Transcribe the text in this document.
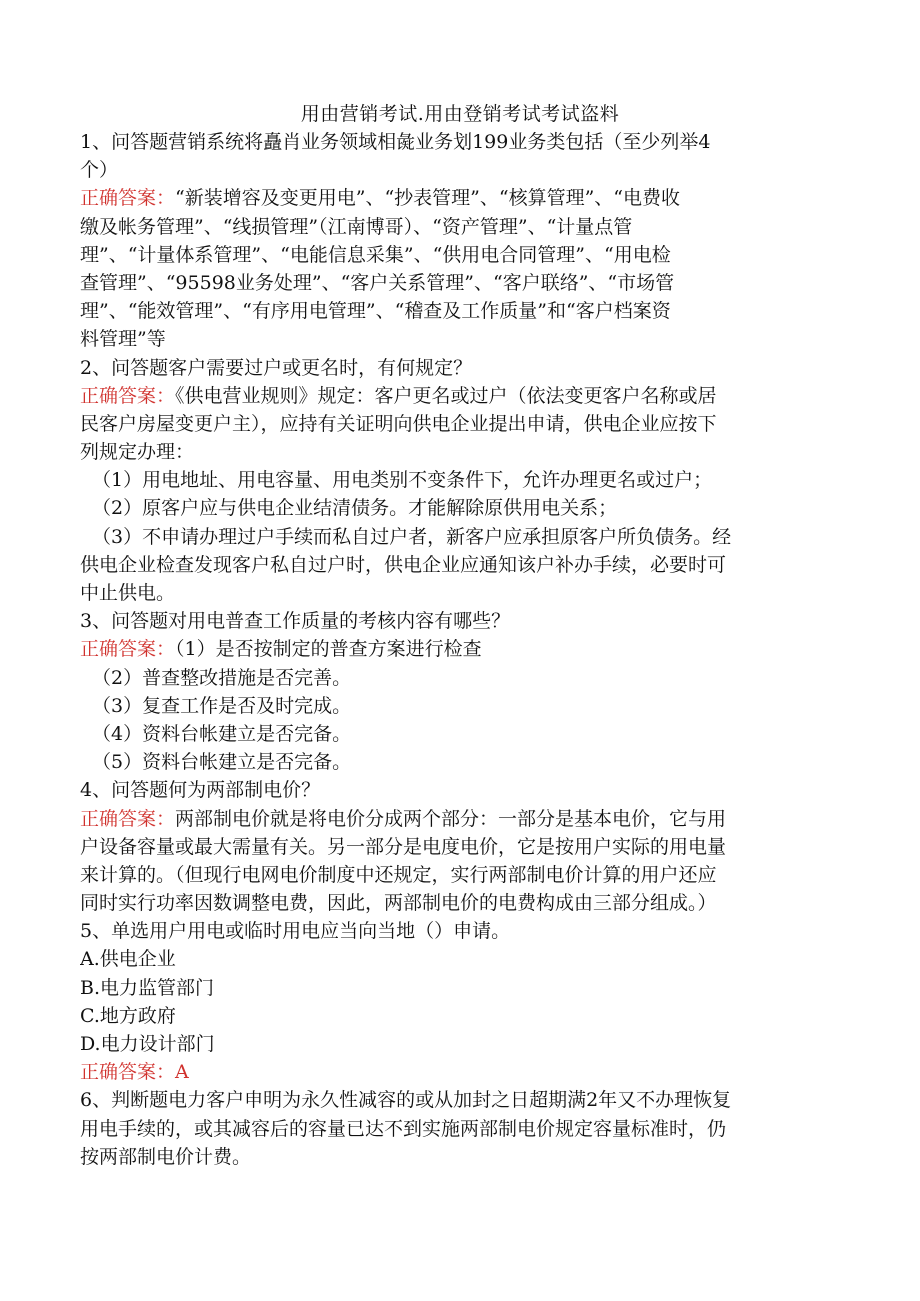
用由营销考试.用由登销考试考试盗料
1、问答题营销系统将矗肖业务领域相彘业务划199业务类包括（至少列举4
个）
正确答案：“新装增容及变更用电”、“抄表管理”、“核算管理”、“电费收
缴及帐务管理”、“线损管理”（江南博哥）、“资产管理”、“计量点管
理”、“计量体系管理”、“电能信息采集”、“供用电合同管理”、“用电检
查管理”、“95598业务处理”、“客户关系管理”、“客户联络”、“市场管
理”、“能效管理”、“有序用电管理”、“稽查及工作质量”和“客户档案资
料管理”等
2、问答题客户需要过户或更名时，有何规定？
正确答案：《供电营业规则》规定：客户更名或过户（依法变更客户名称或居
民客户房屋变更户主），应持有关证明向供电企业提出申请，供电企业应按下
列规定办理：
（1）用电地址、用电容量、用电类别不变条件下，允许办理更名或过户；
（2）原客户应与供电企业结清债务。才能解除原供用电关系；
（3）不申请办理过户手续而私自过户者，新客户应承担原客户所负债务。经
供电企业检查发现客户私自过户时，供电企业应通知该户补办手续，必要时可
中止供电。
3、问答题对用电普查工作质量的考核内容有哪些？
正确答案：（1）是否按制定的普查方案进行检查
（2）普查整改措施是否完善。
（3）复查工作是否及时完成。
（4）资料台帐建立是否完备。
（5）资料台帐建立是否完备。
4、问答题何为两部制电价？
正确答案：两部制电价就是将电价分成两个部分：一部分是基本电价，它与用
户设备容量或最大需量有关。另一部分是电度电价，它是按用户实际的用电量
来计算的。（但现行电网电价制度中还规定，实行两部制电价计算的用户还应
同时实行功率因数调整电费，因此，两部制电价的电费构成由三部分组成。）
5、单选用户用电或临时用电应当向当地（）申请。
A.供电企业
B.电力监管部门
C.地方政府
D.电力设计部门
正确答案：A
6、判断题电力客户申明为永久性减容的或从加封之日超期满2年又不办理恢复
用电手续的，或其减容后的容量已达不到实施两部制电价规定容量标准时，仍
按两部制电价计费。
